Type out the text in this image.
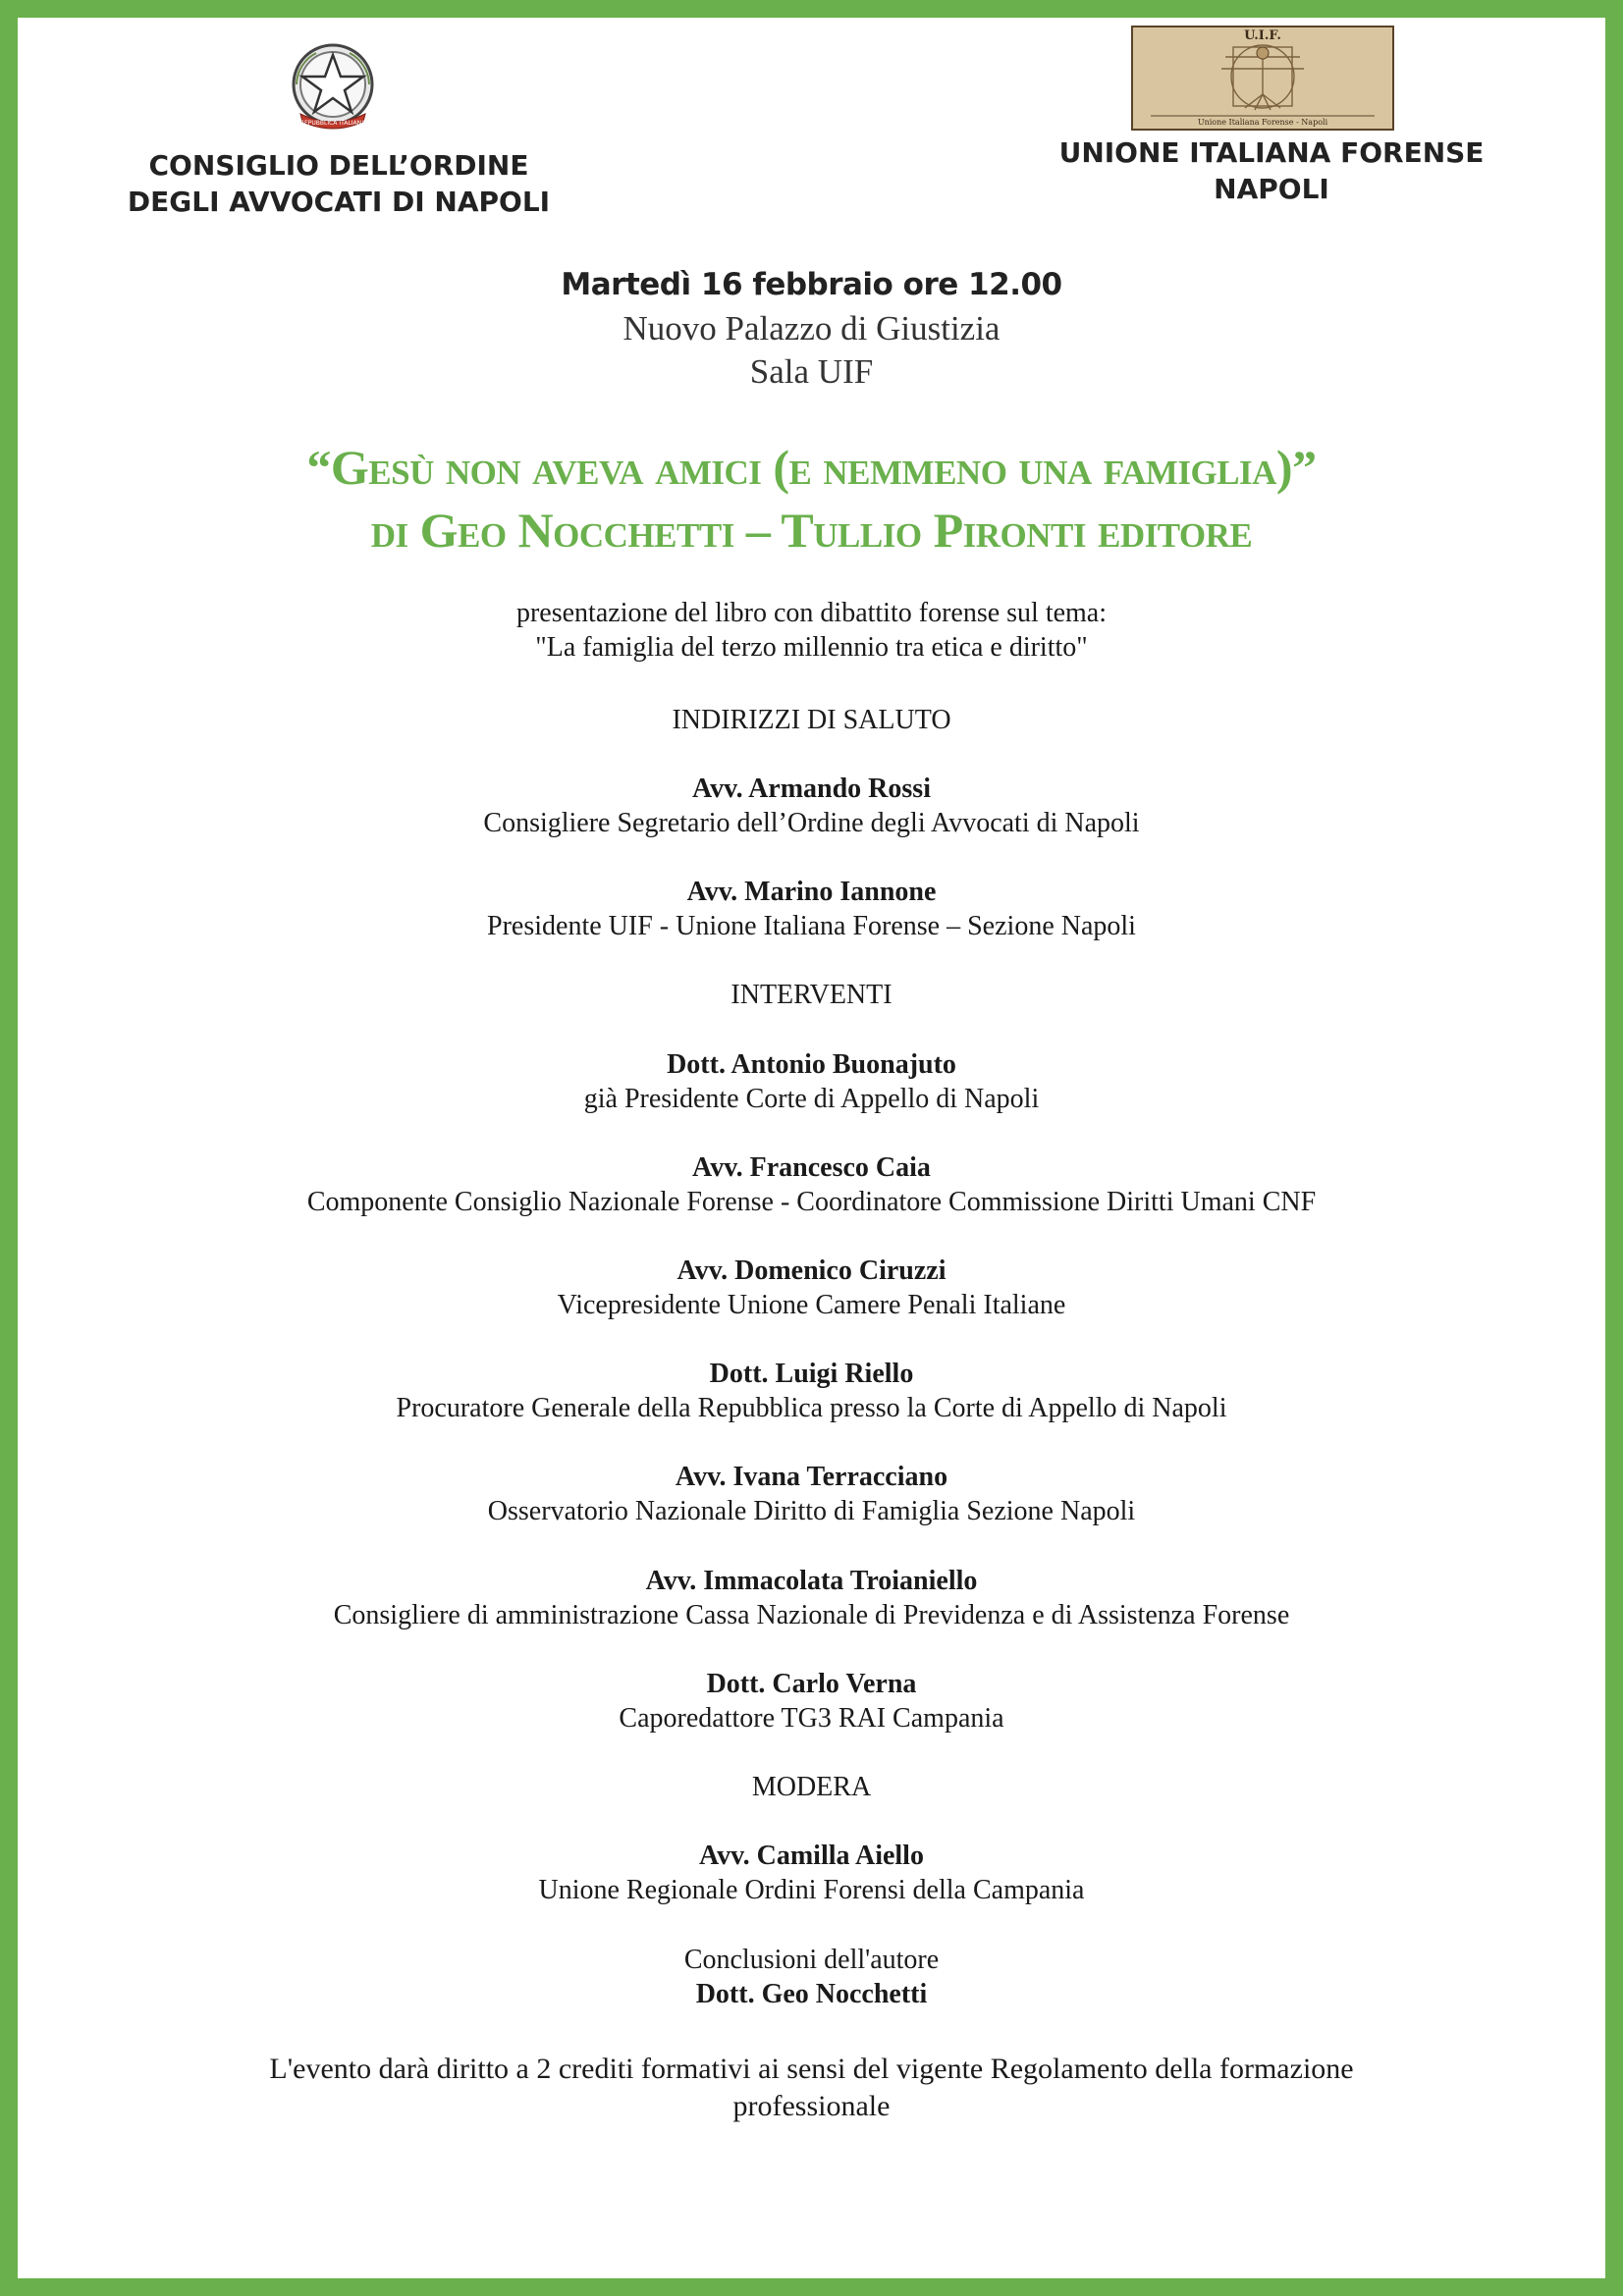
REPUBBLICA ITALIANA
U.I.F.
Unione Italiana Forense - Napoli
CONSIGLIO DELL’ORDINE
DEGLI AVVOCATI DI NAPOLI
UNIONE ITALIANA FORENSE
NAPOLI
Martedì 16 febbraio ore 12.00
Nuovo Palazzo di Giustizia
Sala UIF
“Gesù non aveva amici (e nemmeno una famiglia)”
di Geo Nocchetti – Tullio Pironti editore
presentazione del libro con dibattito forense sul tema:
"La famiglia del terzo millennio tra etica e diritto"
INDIRIZZI DI SALUTO
Avv. Armando Rossi
Consigliere Segretario dell’Ordine degli Avvocati di Napoli
Avv. Marino Iannone
Presidente UIF - Unione Italiana Forense – Sezione Napoli
INTERVENTI
Dott. Antonio Buonajuto
già Presidente Corte di Appello di Napoli
Avv. Francesco Caia
Componente Consiglio Nazionale Forense - Coordinatore Commissione Diritti Umani CNF
Avv. Domenico Ciruzzi
Vicepresidente Unione Camere Penali Italiane
Dott. Luigi Riello
Procuratore Generale della Repubblica presso la Corte di Appello di Napoli
Avv. Ivana Terracciano
Osservatorio Nazionale Diritto di Famiglia Sezione Napoli
Avv. Immacolata Troianiello
Consigliere di amministrazione Cassa Nazionale di Previdenza e di Assistenza Forense
Dott. Carlo Verna
Caporedattore TG3 RAI Campania
MODERA
Avv. Camilla Aiello
Unione Regionale Ordini Forensi della Campania
Conclusioni dell'autore
Dott. Geo Nocchetti
L'evento darà diritto a 2 crediti formativi ai sensi del vigente Regolamento della formazione
professionale
